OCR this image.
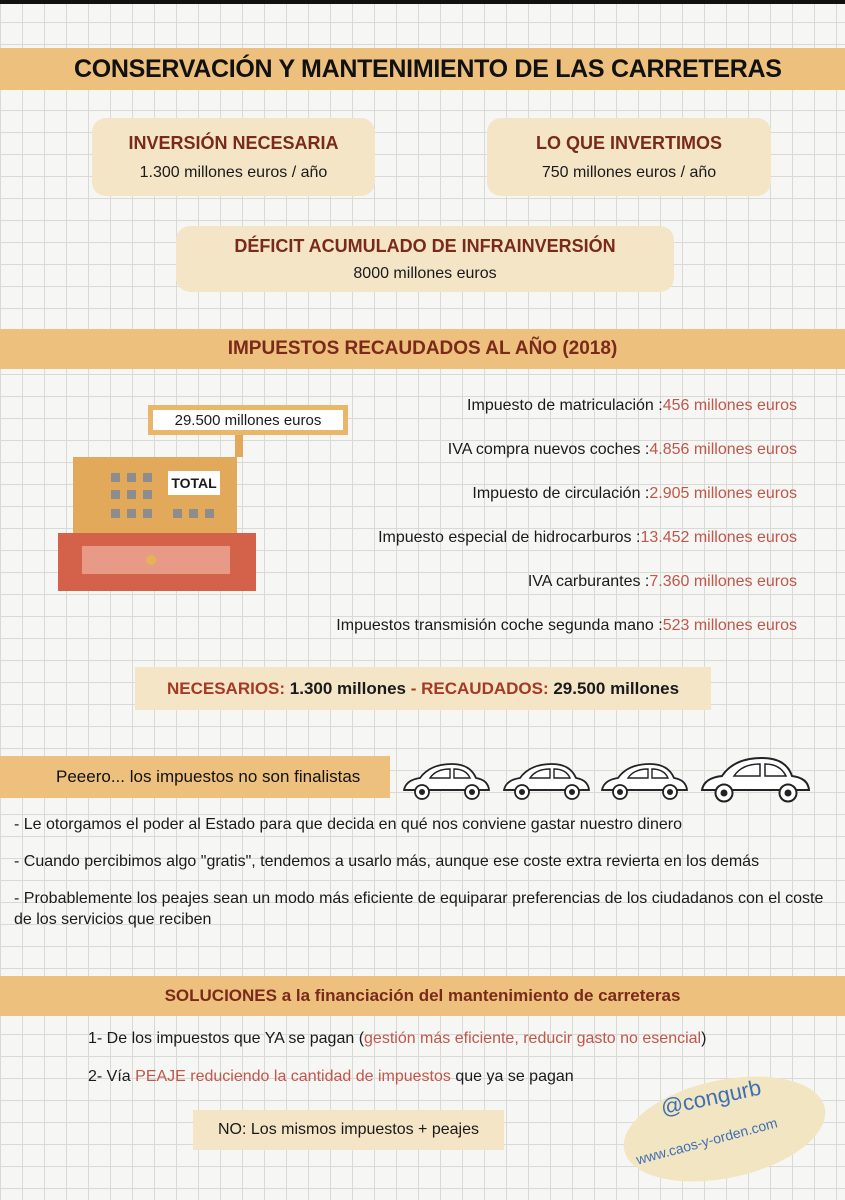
CONSERVACIÓN Y MANTENIMIENTO DE LAS CARRETERAS
INVERSIÓN NECESARIA
1.300 millones euros / año
LO QUE INVERTIMOS
750 millones euros / año
DÉFICIT ACUMULADO DE INFRAINVERSIÓN
8000 millones euros
IMPUESTOS RECAUDADOS AL AÑO (2018)
29.500 millones euros
TOTAL
Impuesto de matriculación : 456 millones euros
IVA compra nuevos coches : 4.856 millones euros
Impuesto de circulación : 2.905 millones euros
Impuesto especial de hidrocarburos : 13.452 millones euros
IVA carburantes : 7.360 millones euros
Impuestos transmisión coche segunda mano : 523 millones euros
NECESARIOS: 1.300 millones - RECAUDADOS: 29.500 millones
Peeero... los impuestos no son finalistas

- Le otorgamos el poder al Estado para que decida en qué nos conviene gastar nuestro dinero

- Cuando percibimos algo "gratis", tendemos a usarlo más, aunque ese coste extra revierta en los demás

- Probablemente los peajes sean un modo más eficiente de equiparar preferencias de los ciudadanos con el coste de los servicios que reciben

SOLUCIONES a la financiación del mantenimiento de carreteras

1- De los impuestos que YA se pagan (gestión más eficiente, reducir gasto no esencial)

2- Vía PEAJE reduciendo la cantidad de impuestos que ya se pagan

NO: Los mismos impuestos + peajes
@congurb
www.caos-y-orden.com
